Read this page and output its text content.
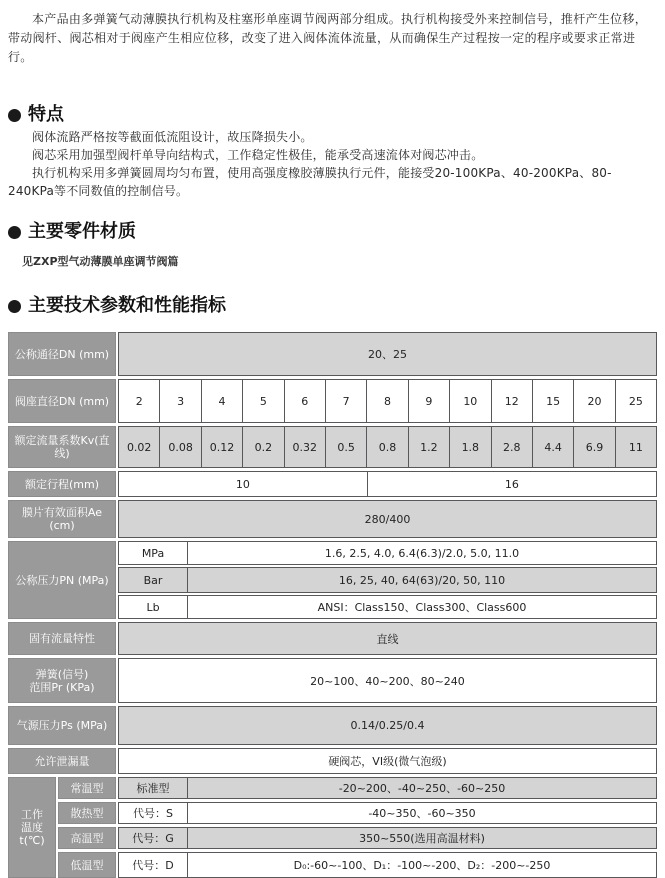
本产品由多弹簧气动薄膜执行机构及柱塞形单座调节阀两部分组成。执行机构接受外来控制信号，推杆产生位移，带动阀杆、阀芯相对于阀座产生相应位移，改变了进入阀体流体流量，从而确保生产过程按一定的程序或要求正常进行。

特点

阀体流路严格按等截面低流阻设计，故压降损失小。

阀芯采用加强型阀杆单导向结构式，工作稳定性极佳，能承受高速流体对阀芯冲击。

执行机构采用多弹簧圆周均匀布置，使用高强度橡胶薄膜执行元件，能接受20-100KPa、40-200KPa、80-240KPa等不同数值的控制信号。

主要零件材质

见ZXP型气动薄膜单座调节阀篇

主要技术参数和性能指标
公称通径DN (mm)	20、25
阀座直径DN (mm)	2	3	4	5	6	7	8	9	10	12	15	20	25
额定流量系数Kv(直线)	0.02	0.08	0.12	0.2	0.32	0.5	0.8	1.2	1.8	2.8	4.4	6.9	11
额定行程(mm)	10	16
膜片有效面积Ae (cm)	280/400
公称压力PN (MPa)
MPa	1.6, 2.5, 4.0, 6.4(6.3)/2.0, 5.0, 11.0
Bar	16, 25, 40, 64(63)/20, 50, 110
Lb	ANSI：Class150、Class300、Class600
固有流量特性	直线
弹簧(信号)
范围Pr (KPa)	20~100、40~200、80~240
气源压力Ps (MPa)	0.14/0.25/0.4
允许泄漏量	硬阀芯，VI级(微气泡级)
工作
温度
t(℃)
常温型	标准型	-20~200、-40~250、-60~250
散热型	代号：S	-40~350、-60~350
高温型	代号：G	350~550(选用高温材料)
低温型	代号：D	D₀:-60~-100、D₁：-100~-200、D₂：-200~-250
